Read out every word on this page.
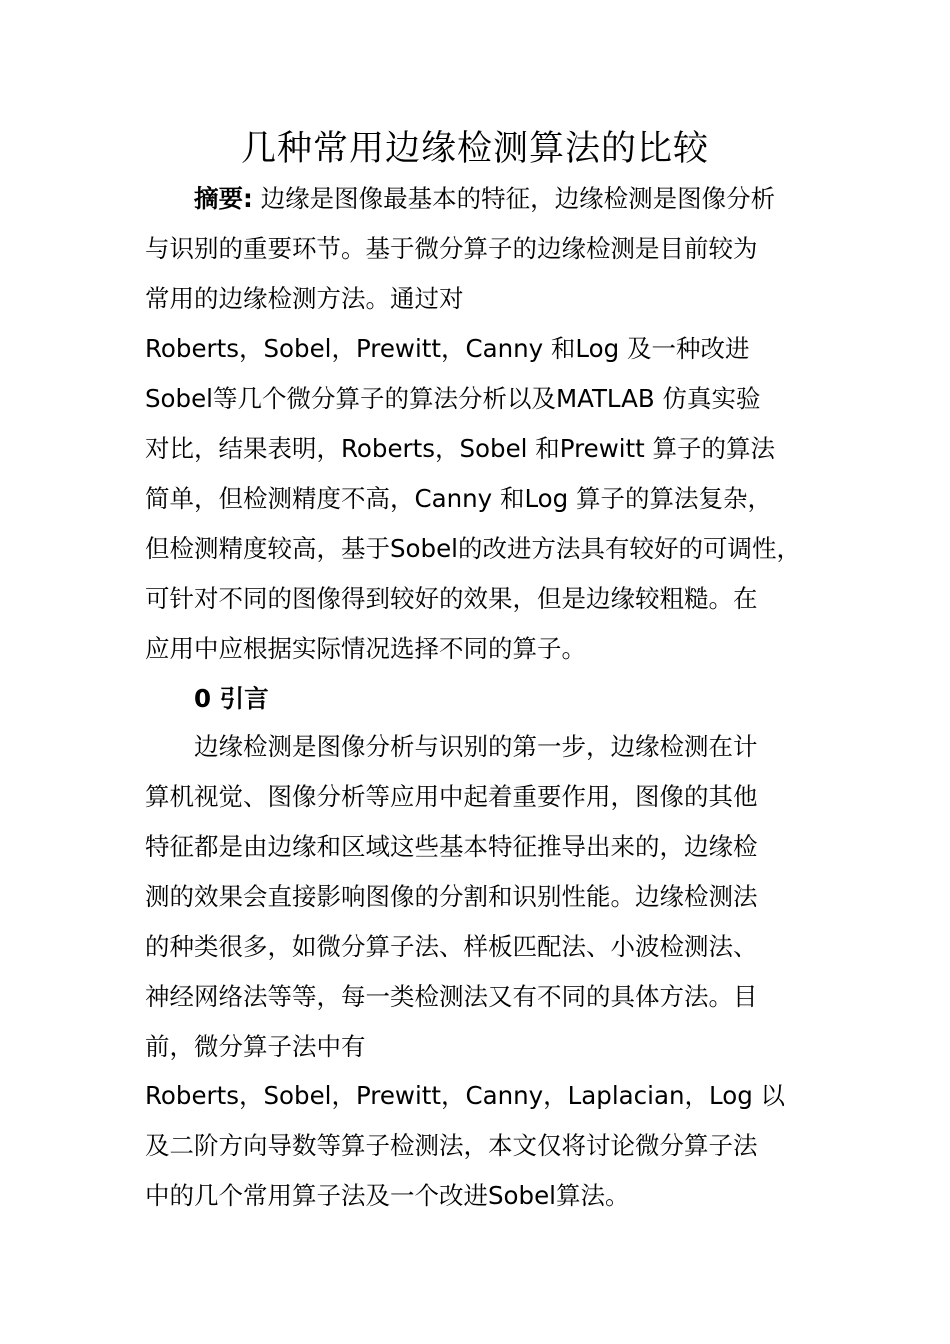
几种常用边缘检测算法的比较
摘要: 边缘是图像最基本的特征，边缘检测是图像分析
与识别的重要环节。基于微分算子的边缘检测是目前较为
常用的边缘检测方法。通过对
Roberts，Sobel，Prewitt，Canny 和Log 及一种改进
Sobel等几个微分算子的算法分析以及MATLAB 仿真实验
对比，结果表明，Roberts，Sobel 和Prewitt 算子的算法
简单，但检测精度不高，Canny 和Log 算子的算法复杂，
但检测精度较高，基于Sobel的改进方法具有较好的可调性，
可针对不同的图像得到较好的效果，但是边缘较粗糙。在
应用中应根据实际情况选择不同的算子。
0 引言
边缘检测是图像分析与识别的第一步，边缘检测在计
算机视觉、图像分析等应用中起着重要作用，图像的其他
特征都是由边缘和区域这些基本特征推导出来的，边缘检
测的效果会直接影响图像的分割和识别性能。边缘检测法
的种类很多，如微分算子法、样板匹配法、小波检测法、
神经网络法等等，每一类检测法又有不同的具体方法。目
前，微分算子法中有
Roberts，Sobel，Prewitt，Canny，Laplacian，Log 以
及二阶方向导数等算子检测法，本文仅将讨论微分算子法
中的几个常用算子法及一个改进Sobel算法。
